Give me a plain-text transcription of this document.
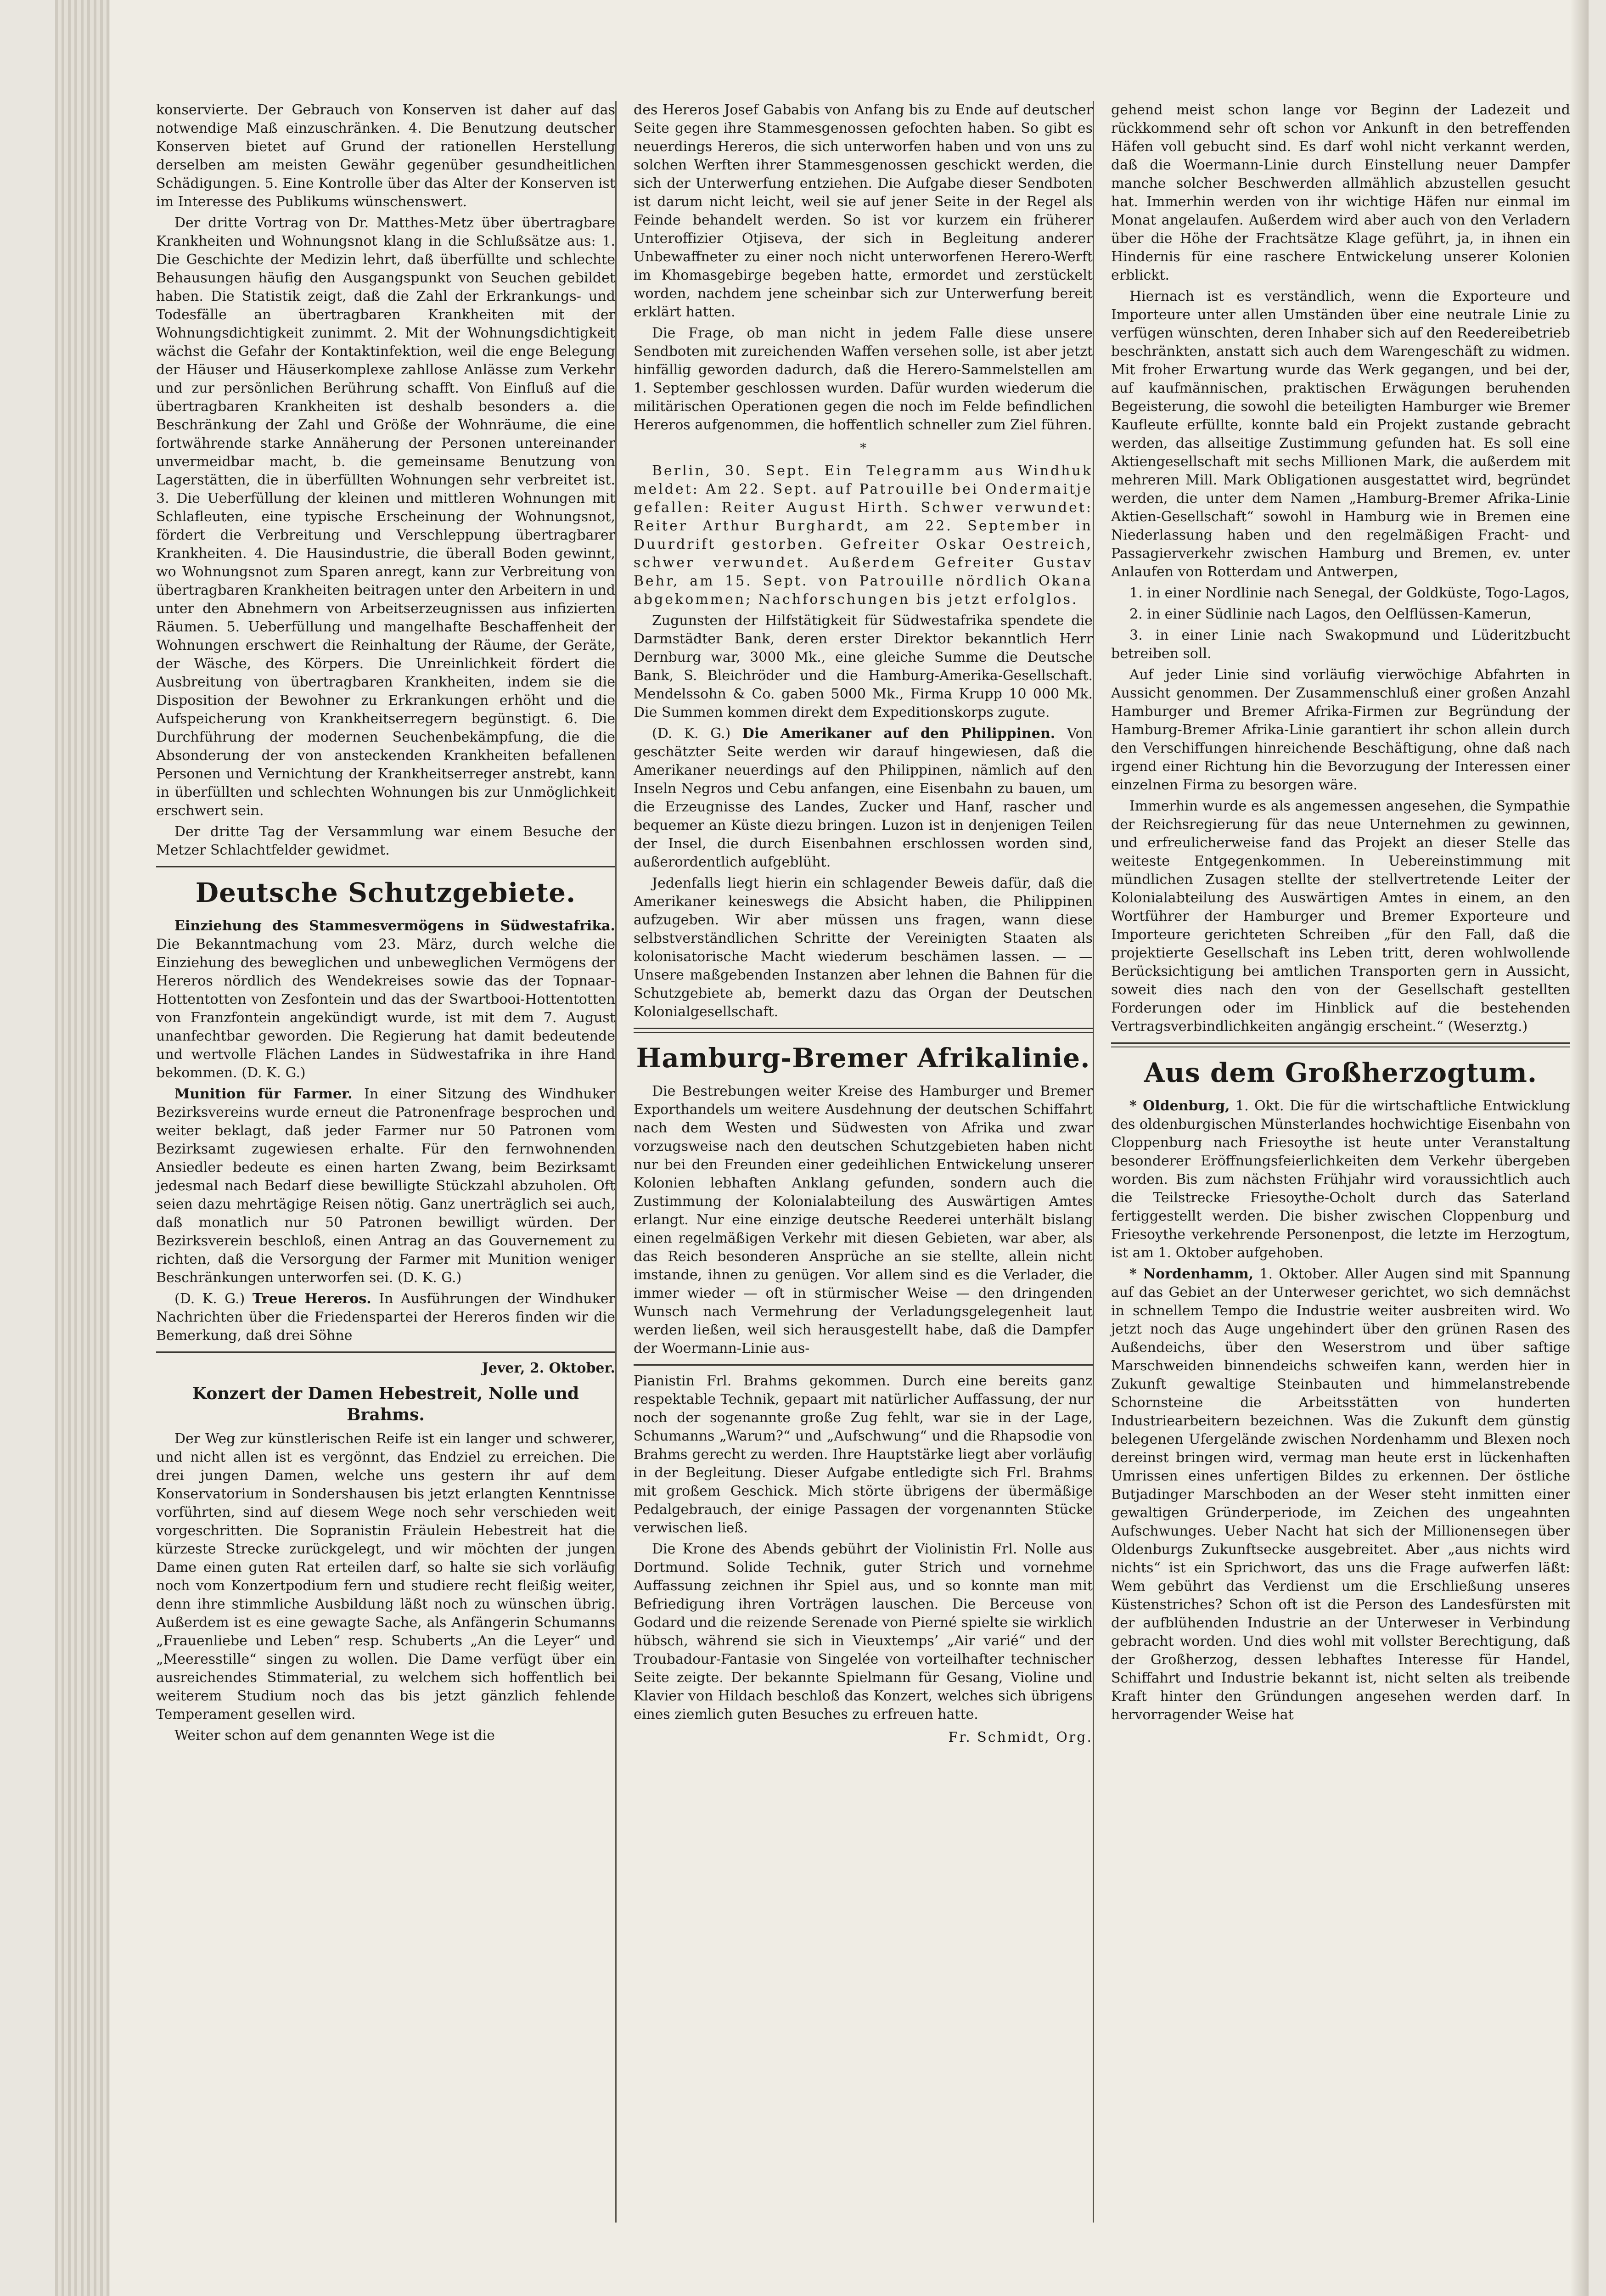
konservierte. Der Gebrauch von Konserven ist daher auf das notwendige Maß einzuschränken. 4. Die Benutzung deutscher Konserven bietet auf Grund der rationellen Herstellung derselben am meisten Gewähr gegenüber gesundheitlichen Schädigungen. 5. Eine Kontrolle über das Alter der Konserven ist im Interesse des Publikums wünschenswert.

Der dritte Vortrag von Dr. Matthes-Metz über übertragbare Krankheiten und Wohnungsnot klang in die Schlußsätze aus: 1. Die Geschichte der Medizin lehrt, daß überfüllte und schlechte Behausungen häufig den Ausgangspunkt von Seuchen gebildet haben. Die Statistik zeigt, daß die Zahl der Erkrankungs- und Todesfälle an übertragbaren Krankheiten mit der Wohnungsdichtigkeit zunimmt. 2. Mit der Wohnungsdichtigkeit wächst die Gefahr der Kontaktinfektion, weil die enge Belegung der Häuser und Häuserkomplexe zahllose Anlässe zum Verkehr und zur persönlichen Berührung schafft. Von Einfluß auf die übertragbaren Krankheiten ist deshalb besonders a. die Beschränkung der Zahl und Größe der Wohnräume, die eine fortwährende starke Annäherung der Personen untereinander unvermeidbar macht, b. die gemeinsame Benutzung von Lagerstätten, die in überfüllten Wohnungen sehr verbreitet ist. 3. Die Ueberfüllung der kleinen und mittleren Wohnungen mit Schlafleuten, eine typische Erscheinung der Wohnungsnot, fördert die Verbreitung und Verschleppung übertragbarer Krankheiten. 4. Die Hausindustrie, die überall Boden gewinnt, wo Wohnungsnot zum Sparen anregt, kann zur Verbreitung von übertragbaren Krankheiten beitragen unter den Arbeitern in und unter den Abnehmern von Arbeitserzeugnissen aus infizierten Räumen. 5. Ueberfüllung und mangelhafte Beschaffenheit der Wohnungen erschwert die Reinhaltung der Räume, der Geräte, der Wäsche, des Körpers. Die Unreinlichkeit fördert die Ausbreitung von übertragbaren Krankheiten, indem sie die Disposition der Bewohner zu Erkrankungen erhöht und die Aufspeicherung von Krankheitserregern begünstigt. 6. Die Durchführung der modernen Seuchenbekämpfung, die die Absonderung der von ansteckenden Krankheiten befallenen Personen und Vernichtung der Krankheitserreger anstrebt, kann in überfüllten und schlechten Wohnungen bis zur Unmöglichkeit erschwert sein.

Der dritte Tag der Versammlung war einem Besuche der Metzer Schlachtfelder gewidmet.

Deutsche Schutzgebiete.

Einziehung des Stammesvermögens in Südwestafrika. Die Bekanntmachung vom 23. März, durch welche die Einziehung des beweglichen und unbeweglichen Vermögens der Hereros nördlich des Wendekreises sowie das der Topnaar-Hottentotten von Zesfontein und das der Swartbooi-Hottentotten von Franzfontein angekündigt wurde, ist mit dem 7. August unanfechtbar geworden. Die Regierung hat damit bedeutende und wertvolle Flächen Landes in Südwestafrika in ihre Hand bekommen. (D. K. G.)

Munition für Farmer. In einer Sitzung des Windhuker Bezirksvereins wurde erneut die Patronenfrage besprochen und weiter beklagt, daß jeder Farmer nur 50 Patronen vom Bezirksamt zugewiesen erhalte. Für den fernwohnenden Ansiedler bedeute es einen harten Zwang, beim Bezirksamt jedesmal nach Bedarf diese bewilligte Stückzahl abzuholen. Oft seien dazu mehrtägige Reisen nötig. Ganz unerträglich sei auch, daß monatlich nur 50 Patronen bewilligt würden. Der Bezirksverein beschloß, einen Antrag an das Gouvernement zu richten, daß die Versorgung der Farmer mit Munition weniger Beschränkungen unterworfen sei. (D. K. G.)

(D. K. G.) Treue Hereros. In Ausführungen der Windhuker Nachrichten über die Friedenspartei der Hereros finden wir die Bemerkung, daß drei Söhne

Jever, 2. Oktober.
Konzert der Damen Hebestreit, Nolle und Brahms.

Der Weg zur künstlerischen Reife ist ein langer und schwerer, und nicht allen ist es vergönnt, das Endziel zu erreichen. Die drei jungen Damen, welche uns gestern ihr auf dem Konservatorium in Sondershausen bis jetzt erlangten Kenntnisse vorführten, sind auf diesem Wege noch sehr verschieden weit vorgeschritten. Die Sopranistin Fräulein Hebestreit hat die kürzeste Strecke zurückgelegt, und wir möchten der jungen Dame einen guten Rat erteilen darf, so halte sie sich vorläufig noch vom Konzertpodium fern und studiere recht fleißig weiter, denn ihre stimmliche Ausbildung läßt noch zu wünschen übrig. Außerdem ist es eine gewagte Sache, als Anfängerin Schumanns „Frauenliebe und Leben“ resp. Schuberts „An die Leyer“ und „Meeresstille“ singen zu wollen. Die Dame verfügt über ein ausreichendes Stimmaterial, zu welchem sich hoffentlich bei weiterem Studium noch das bis jetzt gänzlich fehlende Temperament gesellen wird.

Weiter schon auf dem genannten Wege ist die

des Hereros Josef Gababis von Anfang bis zu Ende auf deutscher Seite gegen ihre Stammesgenossen gefochten haben. So gibt es neuerdings Hereros, die sich unterworfen haben und von uns zu solchen Werften ihrer Stammesgenossen geschickt werden, die sich der Unterwerfung entziehen. Die Aufgabe dieser Sendboten ist darum nicht leicht, weil sie auf jener Seite in der Regel als Feinde behandelt werden. So ist vor kurzem ein früherer Unteroffizier Otjiseva, der sich in Begleitung anderer Unbewaffneter zu einer noch nicht unterworfenen Herero-Werft im Khomasgebirge begeben hatte, ermordet und zerstückelt worden, nachdem jene scheinbar sich zur Unterwerfung bereit erklärt hatten.

Die Frage, ob man nicht in jedem Falle diese unsere Sendboten mit zureichenden Waffen versehen solle, ist aber jetzt hinfällig geworden dadurch, daß die Herero-Sammelstellen am 1. September geschlossen wurden. Dafür wurden wiederum die militärischen Operationen gegen die noch im Felde befindlichen Hereros aufgenommen, die hoffentlich schneller zum Ziel führen.

*

Berlin, 30. Sept. Ein Telegramm aus Windhuk meldet: Am 22. Sept. auf Patrouille bei Ondermaitje gefallen: Reiter August Hirth. Schwer verwundet: Reiter Arthur Burghardt, am 22. September in Duurdrift gestorben. Gefreiter Oskar Oestreich, schwer verwundet. Außerdem Gefreiter Gustav Behr, am 15. Sept. von Patrouille nördlich Okana abgekommen; Nachforschungen bis jetzt erfolglos.

Zugunsten der Hilfstätigkeit für Südwestafrika spendete die Darmstädter Bank, deren erster Direktor bekanntlich Herr Dernburg war, 3000 Mk., eine gleiche Summe die Deutsche Bank, S. Bleichröder und die Hamburg-Amerika-Gesellschaft. Mendelssohn & Co. gaben 5000 Mk., Firma Krupp 10 000 Mk. Die Summen kommen direkt dem Expeditionskorps zugute.

(D. K. G.) Die Amerikaner auf den Philippinen. Von geschätzter Seite werden wir darauf hingewiesen, daß die Amerikaner neuerdings auf den Philippinen, nämlich auf den Inseln Negros und Cebu anfangen, eine Eisenbahn zu bauen, um die Erzeugnisse des Landes, Zucker und Hanf, rascher und bequemer an Küste diezu bringen. Luzon ist in denjenigen Teilen der Insel, die durch Eisenbahnen erschlossen worden sind, außerordentlich aufgeblüht.

Jedenfalls liegt hierin ein schlagender Beweis dafür, daß die Amerikaner keineswegs die Absicht haben, die Philippinen aufzugeben. Wir aber müssen uns fragen, wann diese selbstverständlichen Schritte der Vereinigten Staaten als kolonisatorische Macht wiederum beschämen lassen. — — Unsere maßgebenden Instanzen aber lehnen die Bahnen für die Schutzgebiete ab, bemerkt dazu das Organ der Deutschen Kolonialgesellschaft.

Hamburg-Bremer Afrikalinie.

Die Bestrebungen weiter Kreise des Hamburger und Bremer Exporthandels um weitere Ausdehnung der deutschen Schiffahrt nach dem Westen und Südwesten von Afrika und zwar vorzugsweise nach den deutschen Schutzgebieten haben nicht nur bei den Freunden einer gedeihlichen Entwickelung unserer Kolonien lebhaften Anklang gefunden, sondern auch die Zustimmung der Kolonialabteilung des Auswärtigen Amtes erlangt. Nur eine einzige deutsche Reederei unterhält bislang einen regelmäßigen Verkehr mit diesen Gebieten, war aber, als das Reich besonderen Ansprüche an sie stellte, allein nicht imstande, ihnen zu genügen. Vor allem sind es die Verlader, die immer wieder — oft in stürmischer Weise — den dringenden Wunsch nach Vermehrung der Verladungsgelegenheit laut werden ließen, weil sich herausgestellt habe, daß die Dampfer der Woermann-Linie aus-

Pianistin Frl. Brahms gekommen. Durch eine bereits ganz respektable Technik, gepaart mit natürlicher Auffassung, der nur noch der sogenannte große Zug fehlt, war sie in der Lage, Schumanns „Warum?“ und „Aufschwung“ und die Rhapsodie von Brahms gerecht zu werden. Ihre Hauptstärke liegt aber vorläufig in der Begleitung. Dieser Aufgabe entledigte sich Frl. Brahms mit großem Geschick. Mich störte übrigens der übermäßige Pedalgebrauch, der einige Passagen der vorgenannten Stücke verwischen ließ.

Die Krone des Abends gebührt der Violinistin Frl. Nolle aus Dortmund. Solide Technik, guter Strich und vornehme Auffassung zeichnen ihr Spiel aus, und so konnte man mit Befriedigung ihren Vorträgen lauschen. Die Berceuse von Godard und die reizende Serenade von Pierné spielte sie wirklich hübsch, während sie sich in Vieuxtemps’ „Air varié“ und der Troubadour-Fantasie von Singelée von vorteilhafter technischer Seite zeigte. Der bekannte Spielmann für Gesang, Violine und Klavier von Hildach beschloß das Konzert, welches sich übrigens eines ziemlich guten Besuches zu erfreuen hatte.

Fr. Schmidt, Org.

gehend meist schon lange vor Beginn der Ladezeit und rückkommend sehr oft schon vor Ankunft in den betreffenden Häfen voll gebucht sind. Es darf wohl nicht verkannt werden, daß die Woermann-Linie durch Einstellung neuer Dampfer manche solcher Beschwerden allmählich abzustellen gesucht hat. Immerhin werden von ihr wichtige Häfen nur einmal im Monat angelaufen. Außerdem wird aber auch von den Verladern über die Höhe der Frachtsätze Klage geführt, ja, in ihnen ein Hindernis für eine raschere Entwickelung unserer Kolonien erblickt.

Hiernach ist es verständlich, wenn die Exporteure und Importeure unter allen Umständen über eine neutrale Linie zu verfügen wünschten, deren Inhaber sich auf den Reedereibetrieb beschränkten, anstatt sich auch dem Warengeschäft zu widmen. Mit froher Erwartung wurde das Werk gegangen, und bei der, auf kaufmännischen, praktischen Erwägungen beruhenden Begeisterung, die sowohl die beteiligten Hamburger wie Bremer Kaufleute erfüllte, konnte bald ein Projekt zustande gebracht werden, das allseitige Zustimmung gefunden hat. Es soll eine Aktiengesellschaft mit sechs Millionen Mark, die außerdem mit mehreren Mill. Mark Obligationen ausgestattet wird, begründet werden, die unter dem Namen „Hamburg-Bremer Afrika-Linie Aktien-Gesellschaft“ sowohl in Hamburg wie in Bremen eine Niederlassung haben und den regelmäßigen Fracht- und Passagierverkehr zwischen Hamburg und Bremen, ev. unter Anlaufen von Rotterdam und Antwerpen,

1. in einer Nordlinie nach Senegal, der Goldküste, Togo-Lagos,

2. in einer Südlinie nach Lagos, den Oelflüssen-Kamerun,

3. in einer Linie nach Swakopmund und Lüderitzbucht betreiben soll.

Auf jeder Linie sind vorläufig vierwöchige Abfahrten in Aussicht genommen. Der Zusammenschluß einer großen Anzahl Hamburger und Bremer Afrika-Firmen zur Begründung der Hamburg-Bremer Afrika-Linie garantiert ihr schon allein durch den Verschiffungen hinreichende Beschäftigung, ohne daß nach irgend einer Richtung hin die Bevorzugung der Interessen einer einzelnen Firma zu besorgen wäre.

Immerhin wurde es als angemessen angesehen, die Sympathie der Reichsregierung für das neue Unternehmen zu gewinnen, und erfreulicherweise fand das Projekt an dieser Stelle das weiteste Entgegenkommen. In Uebereinstimmung mit mündlichen Zusagen stellte der stellvertretende Leiter der Kolonialabteilung des Auswärtigen Amtes in einem, an den Wortführer der Hamburger und Bremer Exporteure und Importeure gerichteten Schreiben „für den Fall, daß die projektierte Gesellschaft ins Leben tritt, deren wohlwollende Berücksichtigung bei amtlichen Transporten gern in Aussicht, soweit dies nach den von der Gesellschaft gestellten Forderungen oder im Hinblick auf die bestehenden Vertragsverbindlichkeiten angängig erscheint.“ (Weserztg.)

Aus dem Großherzogtum.

* Oldenburg, 1. Okt. Die für die wirtschaftliche Entwicklung des oldenburgischen Münsterlandes hochwichtige Eisenbahn von Cloppenburg nach Friesoythe ist heute unter Veranstaltung besonderer Eröffnungsfeierlichkeiten dem Verkehr übergeben worden. Bis zum nächsten Frühjahr wird voraussichtlich auch die Teilstrecke Friesoythe-Ocholt durch das Saterland fertiggestellt werden. Die bisher zwischen Cloppenburg und Friesoythe verkehrende Personenpost, die letzte im Herzogtum, ist am 1. Oktober aufgehoben.

* Nordenhamm, 1. Oktober. Aller Augen sind mit Spannung auf das Gebiet an der Unterweser gerichtet, wo sich demnächst in schnellem Tempo die Industrie weiter ausbreiten wird. Wo jetzt noch das Auge ungehindert über den grünen Rasen des Außendeichs, über den Weserstrom und über saftige Marschweiden binnendeichs schweifen kann, werden hier in Zukunft gewaltige Steinbauten und himmelanstrebende Schornsteine die Arbeitsstätten von hunderten Industriearbeitern bezeichnen. Was die Zukunft dem günstig belegenen Ufergelände zwischen Nordenhamm und Blexen noch dereinst bringen wird, vermag man heute erst in lückenhaften Umrissen eines unfertigen Bildes zu erkennen. Der östliche Butjadinger Marschboden an der Weser steht inmitten einer gewaltigen Gründerperiode, im Zeichen des ungeahnten Aufschwunges. Ueber Nacht hat sich der Millionensegen über Oldenburgs Zukunftsecke ausgebreitet. Aber „aus nichts wird nichts“ ist ein Sprichwort, das uns die Frage aufwerfen läßt: Wem gebührt das Verdienst um die Erschließung unseres Küstenstriches? Schon oft ist die Person des Landesfürsten mit der aufblühenden Industrie an der Unterweser in Verbindung gebracht worden. Und dies wohl mit vollster Berechtigung, daß der Großherzog, dessen lebhaftes Interesse für Handel, Schiffahrt und Industrie bekannt ist, nicht selten als treibende Kraft hinter den Gründungen angesehen werden darf. In hervorragender Weise hat
